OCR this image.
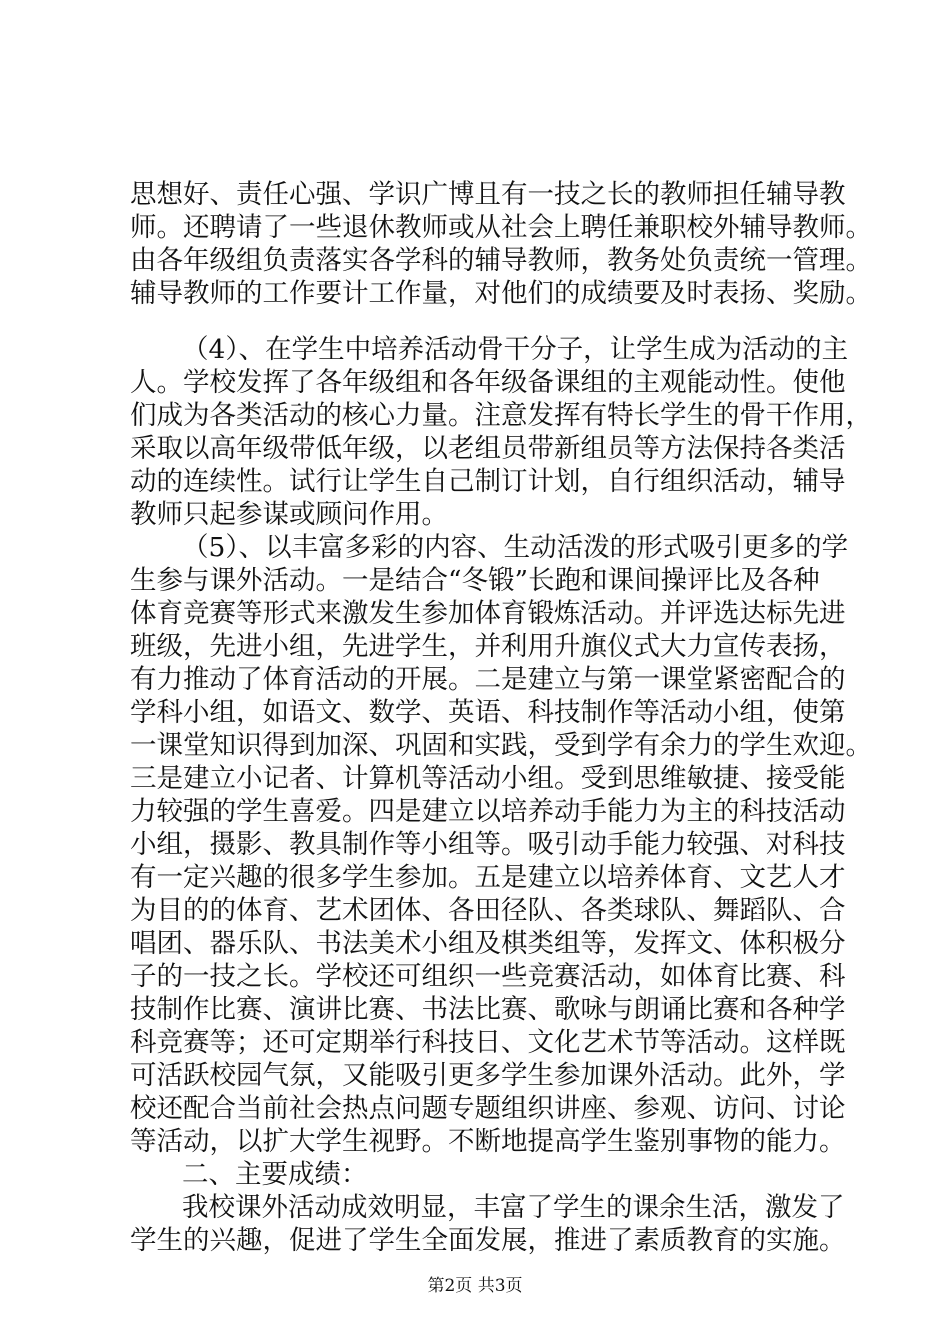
思想好、责任心强、学识广博且有一技之长的教师担任辅导教
师。还聘请了一些退休教师或从社会上聘任兼职校外辅导教师。
由各年级组负责落实各学科的辅导教师，教务处负责统一管理。
辅导教师的工作要计工作量，对他们的成绩要及时表扬、奖励。
（4）、在学生中培养活动骨干分子，让学生成为活动的主
人。学校发挥了各年级组和各年级备课组的主观能动性。使他
们成为各类活动的核心力量。注意发挥有特长学生的骨干作用，
采取以高年级带低年级，以老组员带新组员等方法保持各类活
动的连续性。试行让学生自己制订计划，自行组织活动，辅导
教师只起参谋或顾问作用。
（5）、以丰富多彩的内容、生动活泼的形式吸引更多的学
生参与课外活动。一是结合“冬锻”长跑和课间操评比及各种
体育竞赛等形式来激发生参加体育锻炼活动。并评选达标先进
班级，先进小组，先进学生，并利用升旗仪式大力宣传表扬，
有力推动了体育活动的开展。二是建立与第一课堂紧密配合的
学科小组，如语文、数学、英语、科技制作等活动小组，使第
一课堂知识得到加深、巩固和实践，受到学有余力的学生欢迎。
三是建立小记者、计算机等活动小组。受到思维敏捷、接受能
力较强的学生喜爱。四是建立以培养动手能力为主的科技活动
小组，摄影、教具制作等小组等。吸引动手能力较强、对科技
有一定兴趣的很多学生参加。五是建立以培养体育、文艺人才
为目的的体育、艺术团体、各田径队、各类球队、舞蹈队、合
唱团、器乐队、书法美术小组及棋类组等，发挥文、体积极分
子的一技之长。学校还可组织一些竞赛活动，如体育比赛、科
技制作比赛、演讲比赛、书法比赛、歌咏与朗诵比赛和各种学
科竞赛等；还可定期举行科技日、文化艺术节等活动。这样既
可活跃校园气氛，又能吸引更多学生参加课外活动。此外，学
校还配合当前社会热点问题专题组织讲座、参观、访问、讨论
等活动，以扩大学生视野。不断地提高学生鉴别事物的能力。
二、主要成绩：
我校课外活动成效明显，丰富了学生的课余生活，激发了
学生的兴趣，促进了学生全面发展，推进了素质教育的实施。
第2页 共3页
